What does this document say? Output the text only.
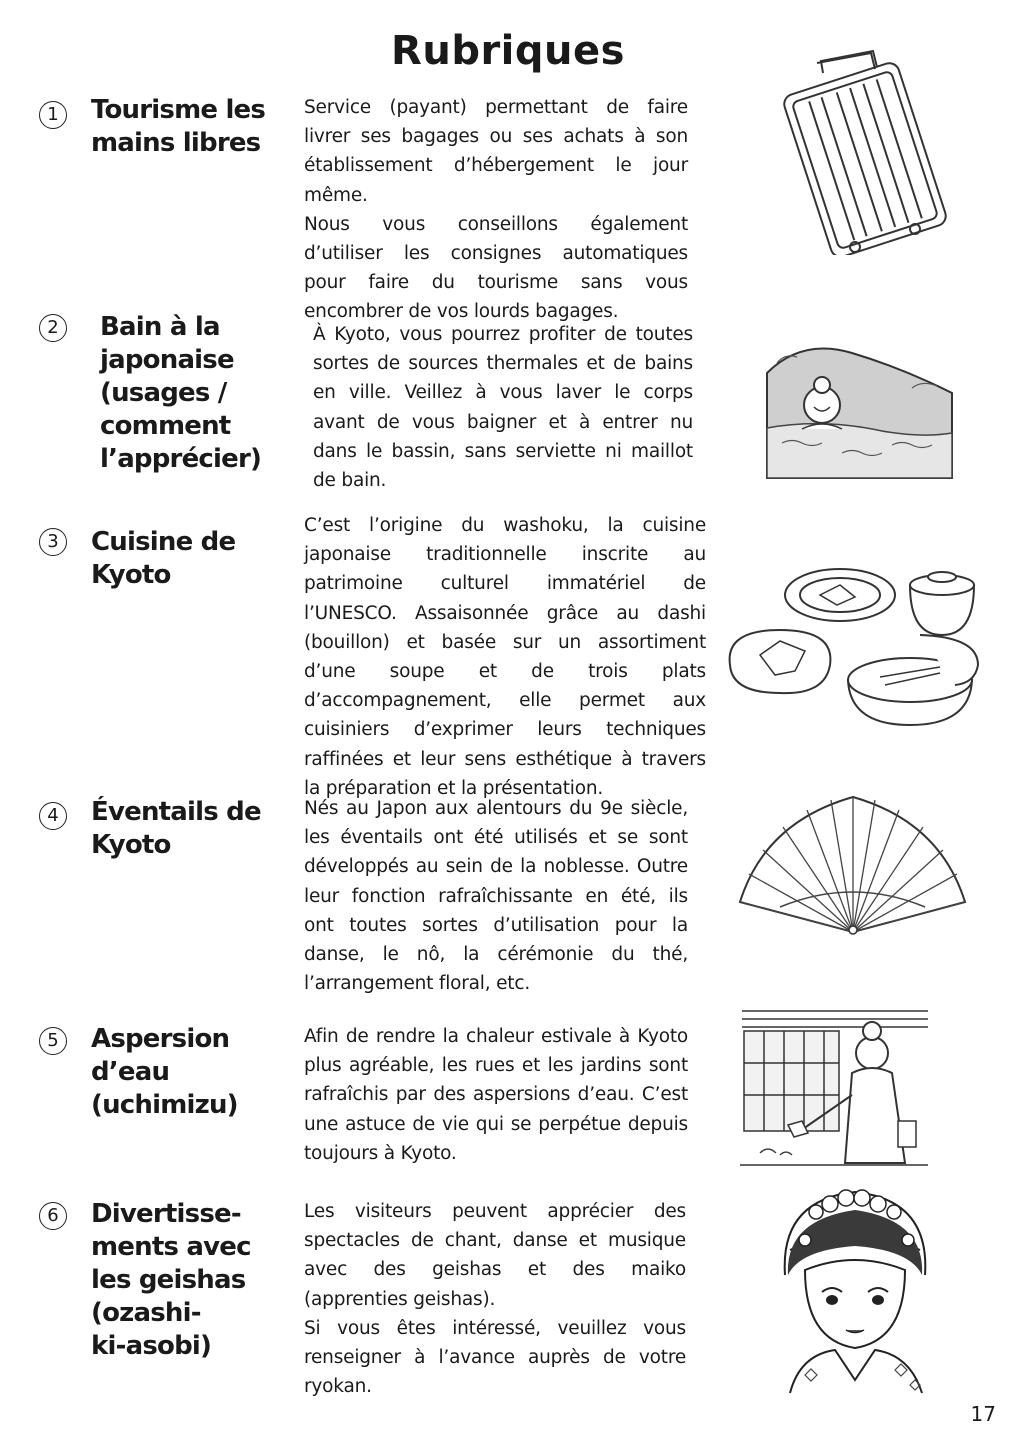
Rubriques
1	Tourisme les
mains libres

Service (payant) permettant de faire livrer ses bagages ou ses achats à son établissement d’hébergement le jour même.

Nous vous conseillons également d’utiliser les consignes automatiques pour faire du tourisme sans vous encombrer de vos lourds bagages.

2	Bain à la
japonaise
(usages /
comment
l’apprécier)

À Kyoto, vous pourrez profiter de toutes sortes de sources thermales et de bains en ville. Veillez à vous laver le corps avant de vous baigner et à entrer nu dans le bassin, sans serviette ni maillot de bain.

3	Cuisine de
Kyoto

C’est l’origine du washoku, la cuisine japonaise traditionnelle inscrite au patrimoine culturel immatériel de l’UNESCO. Assaisonnée grâce au dashi (bouillon) et basée sur un assortiment d’une soupe et de trois plats d’accompagnement, elle permet aux cuisiniers d’exprimer leurs techniques raffinées et leur sens esthétique à travers la préparation et la présentation.

4	Éventails de
Kyoto

Nés au Japon aux alentours du 9e siècle, les éventails ont été utilisés et se sont développés au sein de la noblesse. Outre leur fonction rafraîchissante en été, ils ont toutes sortes d’utilisation pour la danse, le nô, la cérémonie du thé, l’arrangement floral, etc.

5	Aspersion
d’eau
(uchimizu)

Afin de rendre la chaleur estivale à Kyoto plus agréable, les rues et les jardins sont rafraîchis par des aspersions d’eau. C’est une astuce de vie qui se perpétue depuis toujours à Kyoto.

6	Divertisse-
ments avec
les geishas
(ozashi-
ki-asobi)

Les visiteurs peuvent apprécier des spectacles de chant, danse et musique avec des geishas et des maiko (apprenties geishas).

Si vous êtes intéressé, veuillez vous renseigner à l’avance auprès de votre ryokan.

17
